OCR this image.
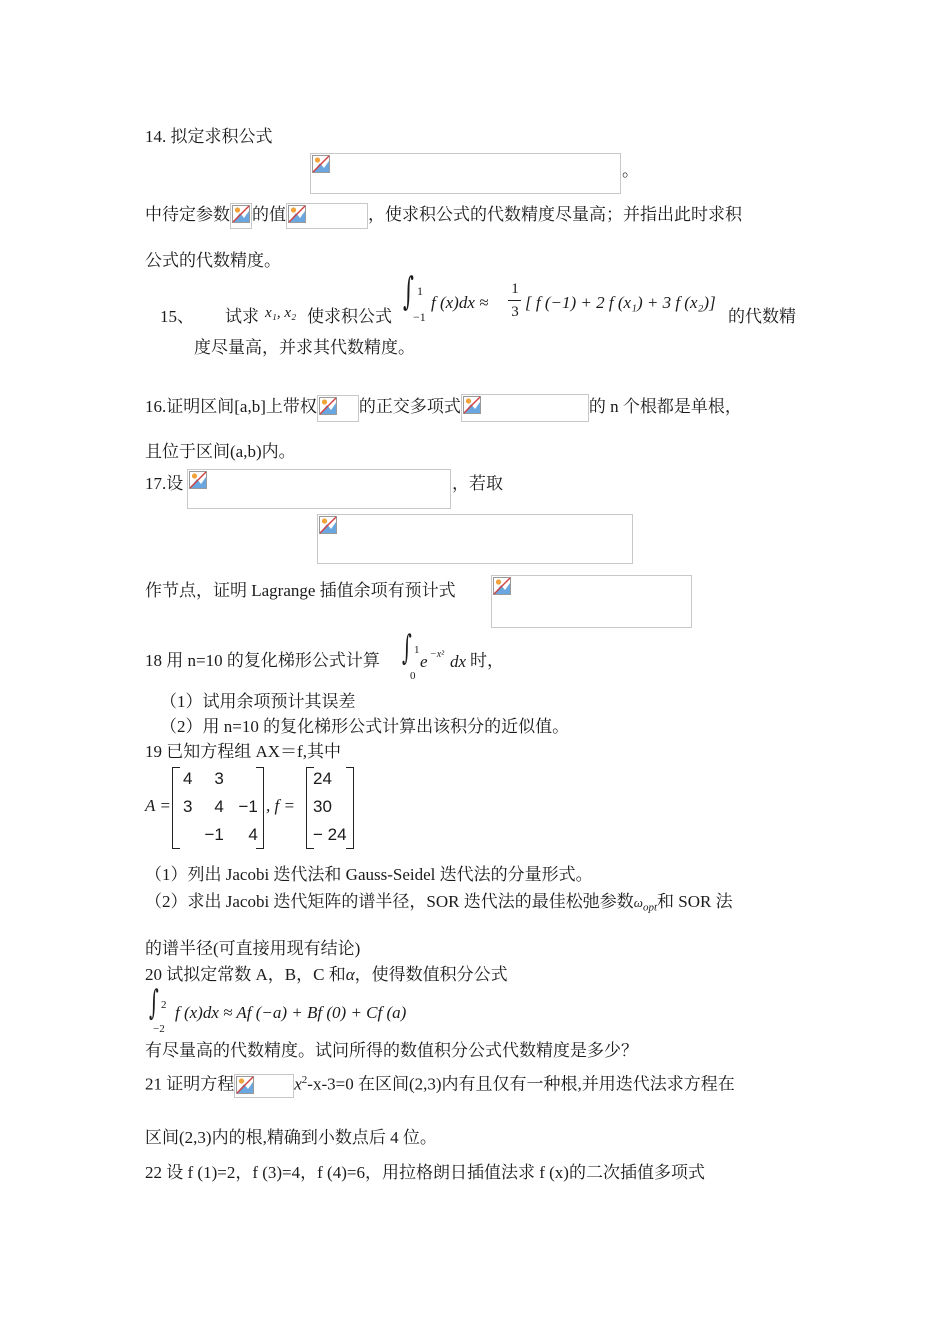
14. 拟定求积公式
。
中待定参数 的值	，使求积公式的代数精度尽量高；并指出此时求积
公式的代数精度。
15、 试求 x₁, x₂ 使求积公式
∫ 1
−1
f (x)dx ≈
1
3 [ f (−1) + 2 f (x₁) + 3 f (x₂)]
的代数精
度尽量高，并求其代数精度。
16.证明区间[a,b]上带权 的正交多项式	的 n 个根都是单根，
且位于区间(a,b)内。
17.设	，若取
作节点，证明 Lagrange 插值余项有预计式
18 用 n=10 的复化梯形公式计算 ∫ 1
0
e −x² dx 时，
（1）试用余项预计其误差
（2）用 n=10 的复化梯形公式计算出该积分的近似值。
19 已知方程组 AX＝f,其中
A =
4	3	
3	4	−1
	−1	4
, f =
24
30
− 24
（1）列出 Jacobi 迭代法和 Gauss-Seidel 迭代法的分量形式。
（2）求出 Jacobi 迭代矩阵的谱半径，SOR 迭代法的最佳松弛参数$\omega_{opt}$和 SOR 法
的谱半径(可直接用现有结论)
20 试拟定常数 A，B，C 和α，使得数值积分公式
∫ 2
−2
f (x)dx ≈ Af (−a) + Bf (0) + Cf (a)
有尽量高的代数精度。试问所得的数值积分公式代数精度是多少？
21 证明方程	$x^2-x-3=0$ 在区间(2,3)内有且仅有一种根,并用迭代法求方程在
区间(2,3)内的根,精确到小数点后 4 位。
22 设 f (1)=2，f (3)=4，f (4)=6，用拉格朗日插值法求 f (x)的二次插值多项式
